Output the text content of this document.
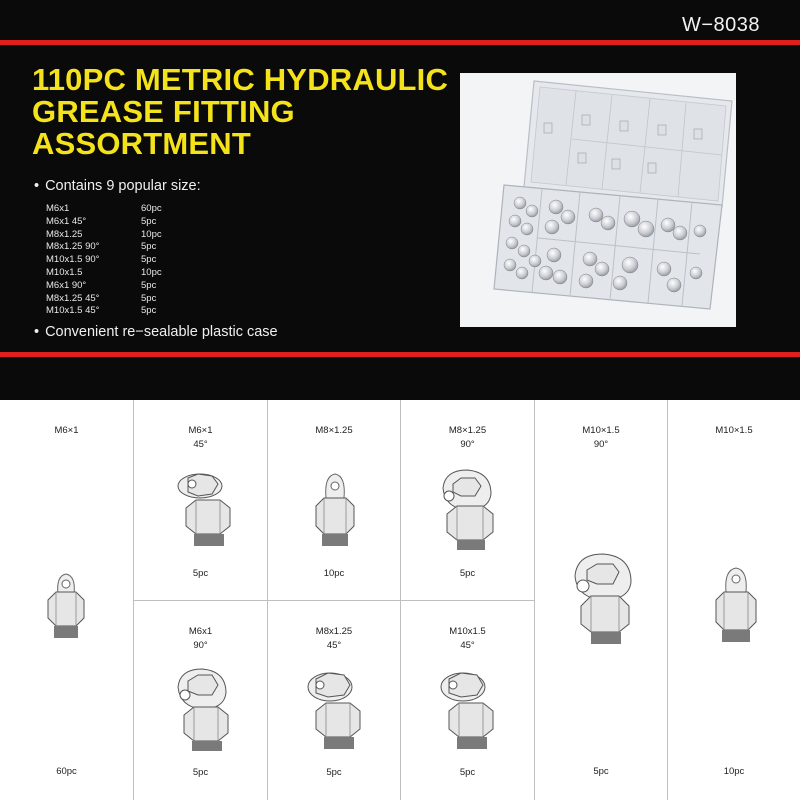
W−8038
110PC METRIC HYDRAULIC
GREASE FITTING
ASSORTMENT
• Contains 9 popular size:
M6x1	60pc
M6x1 45°	5pc
M8x1.25	10pc
M8x1.25 90°	5pc
M10x1.5 90°	5pc
M10x1.5	10pc
M6x1 90°	5pc
M8x1.25 45°	5pc
M10x1.5 45°	5pc
• Convenient re−sealable plastic case
M6×1
60pc
M6×1
45°
5pc
M8×1.25
10pc
M8×1.25
90°
5pc
M10×1.5
90°
5pc
M10×1.5
10pc
M6x1
90°
5pc
M8x1.25
45°
5pc
M10x1.5
45°
5pc
